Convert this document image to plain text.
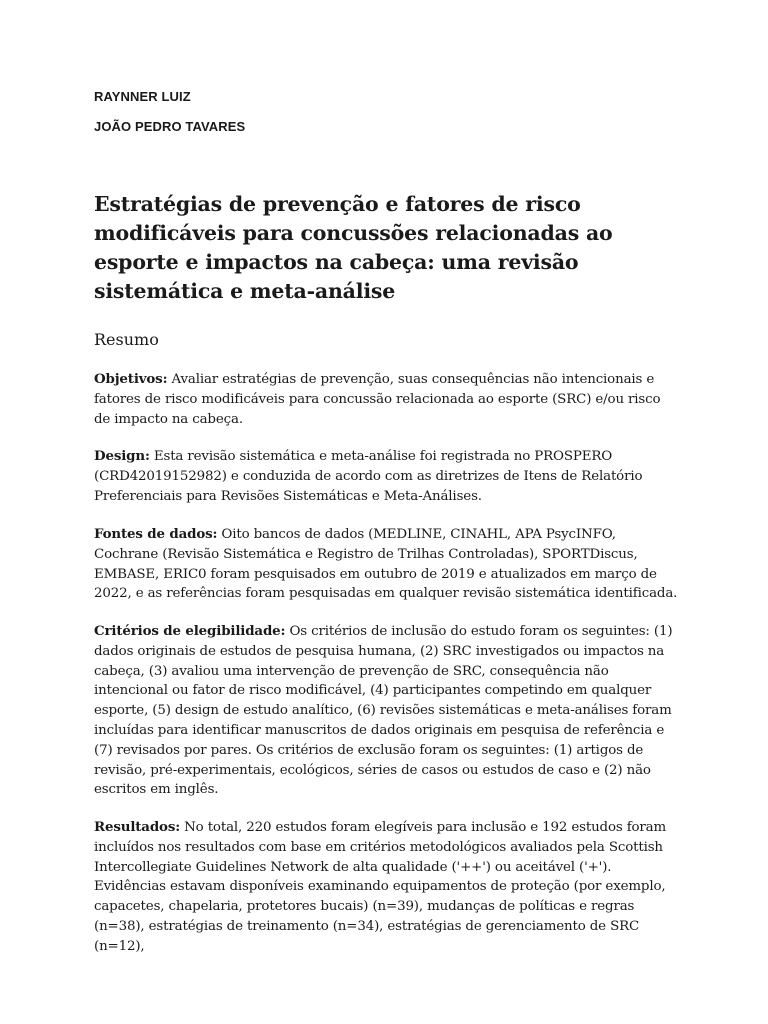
RAYNNER LUIZ
JOÃO PEDRO TAVARES
Estratégias de prevenção e fatores de risco modificáveis para concussões relacionadas ao esporte e impactos na cabeça: uma revisão sistemática e meta-análise
Resumo

Objetivos: Avaliar estratégias de prevenção, suas consequências não intencionais e fatores de risco modificáveis para concussão relacionada ao esporte (SRC) e/ou risco de impacto na cabeça.

Design: Esta revisão sistemática e meta-análise foi registrada no PROSPERO (CRD42019152982) e conduzida de acordo com as diretrizes de Itens de Relatório Preferenciais para Revisões Sistemáticas e Meta-Análises.

Fontes de dados: Oito bancos de dados (MEDLINE, CINAHL, APA PsycINFO, Cochrane (Revisão Sistemática e Registro de Trilhas Controladas), SPORTDiscus, EMBASE, ERIC0 foram pesquisados em outubro de 2019 e atualizados em março de 2022, e as referências foram pesquisadas em qualquer revisão sistemática identificada.

Critérios de elegibilidade: Os critérios de inclusão do estudo foram os seguintes: (1) dados originais de estudos de pesquisa humana, (2) SRC investigados ou impactos na cabeça, (3) avaliou uma intervenção de prevenção de SRC, consequência não intencional ou fator de risco modificável, (4) participantes competindo em qualquer esporte, (5) design de estudo analítico, (6) revisões sistemáticas e meta-análises foram incluídas para identificar manuscritos de dados originais em pesquisa de referência e (7) revisados por pares. Os critérios de exclusão foram os seguintes: (1) artigos de revisão, pré-experimentais, ecológicos, séries de casos ou estudos de caso e (2) não escritos em inglês.

Resultados: No total, 220 estudos foram elegíveis para inclusão e 192 estudos foram incluídos nos resultados com base em critérios metodológicos avaliados pela Scottish Intercollegiate Guidelines Network de alta qualidade ('++') ou aceitável ('+'). Evidências estavam disponíveis examinando equipamentos de proteção (por exemplo, capacetes, chapelaria, protetores bucais) (n=39), mudanças de políticas e regras (n=38), estratégias de treinamento (n=34), estratégias de gerenciamento de SRC (n=12),
